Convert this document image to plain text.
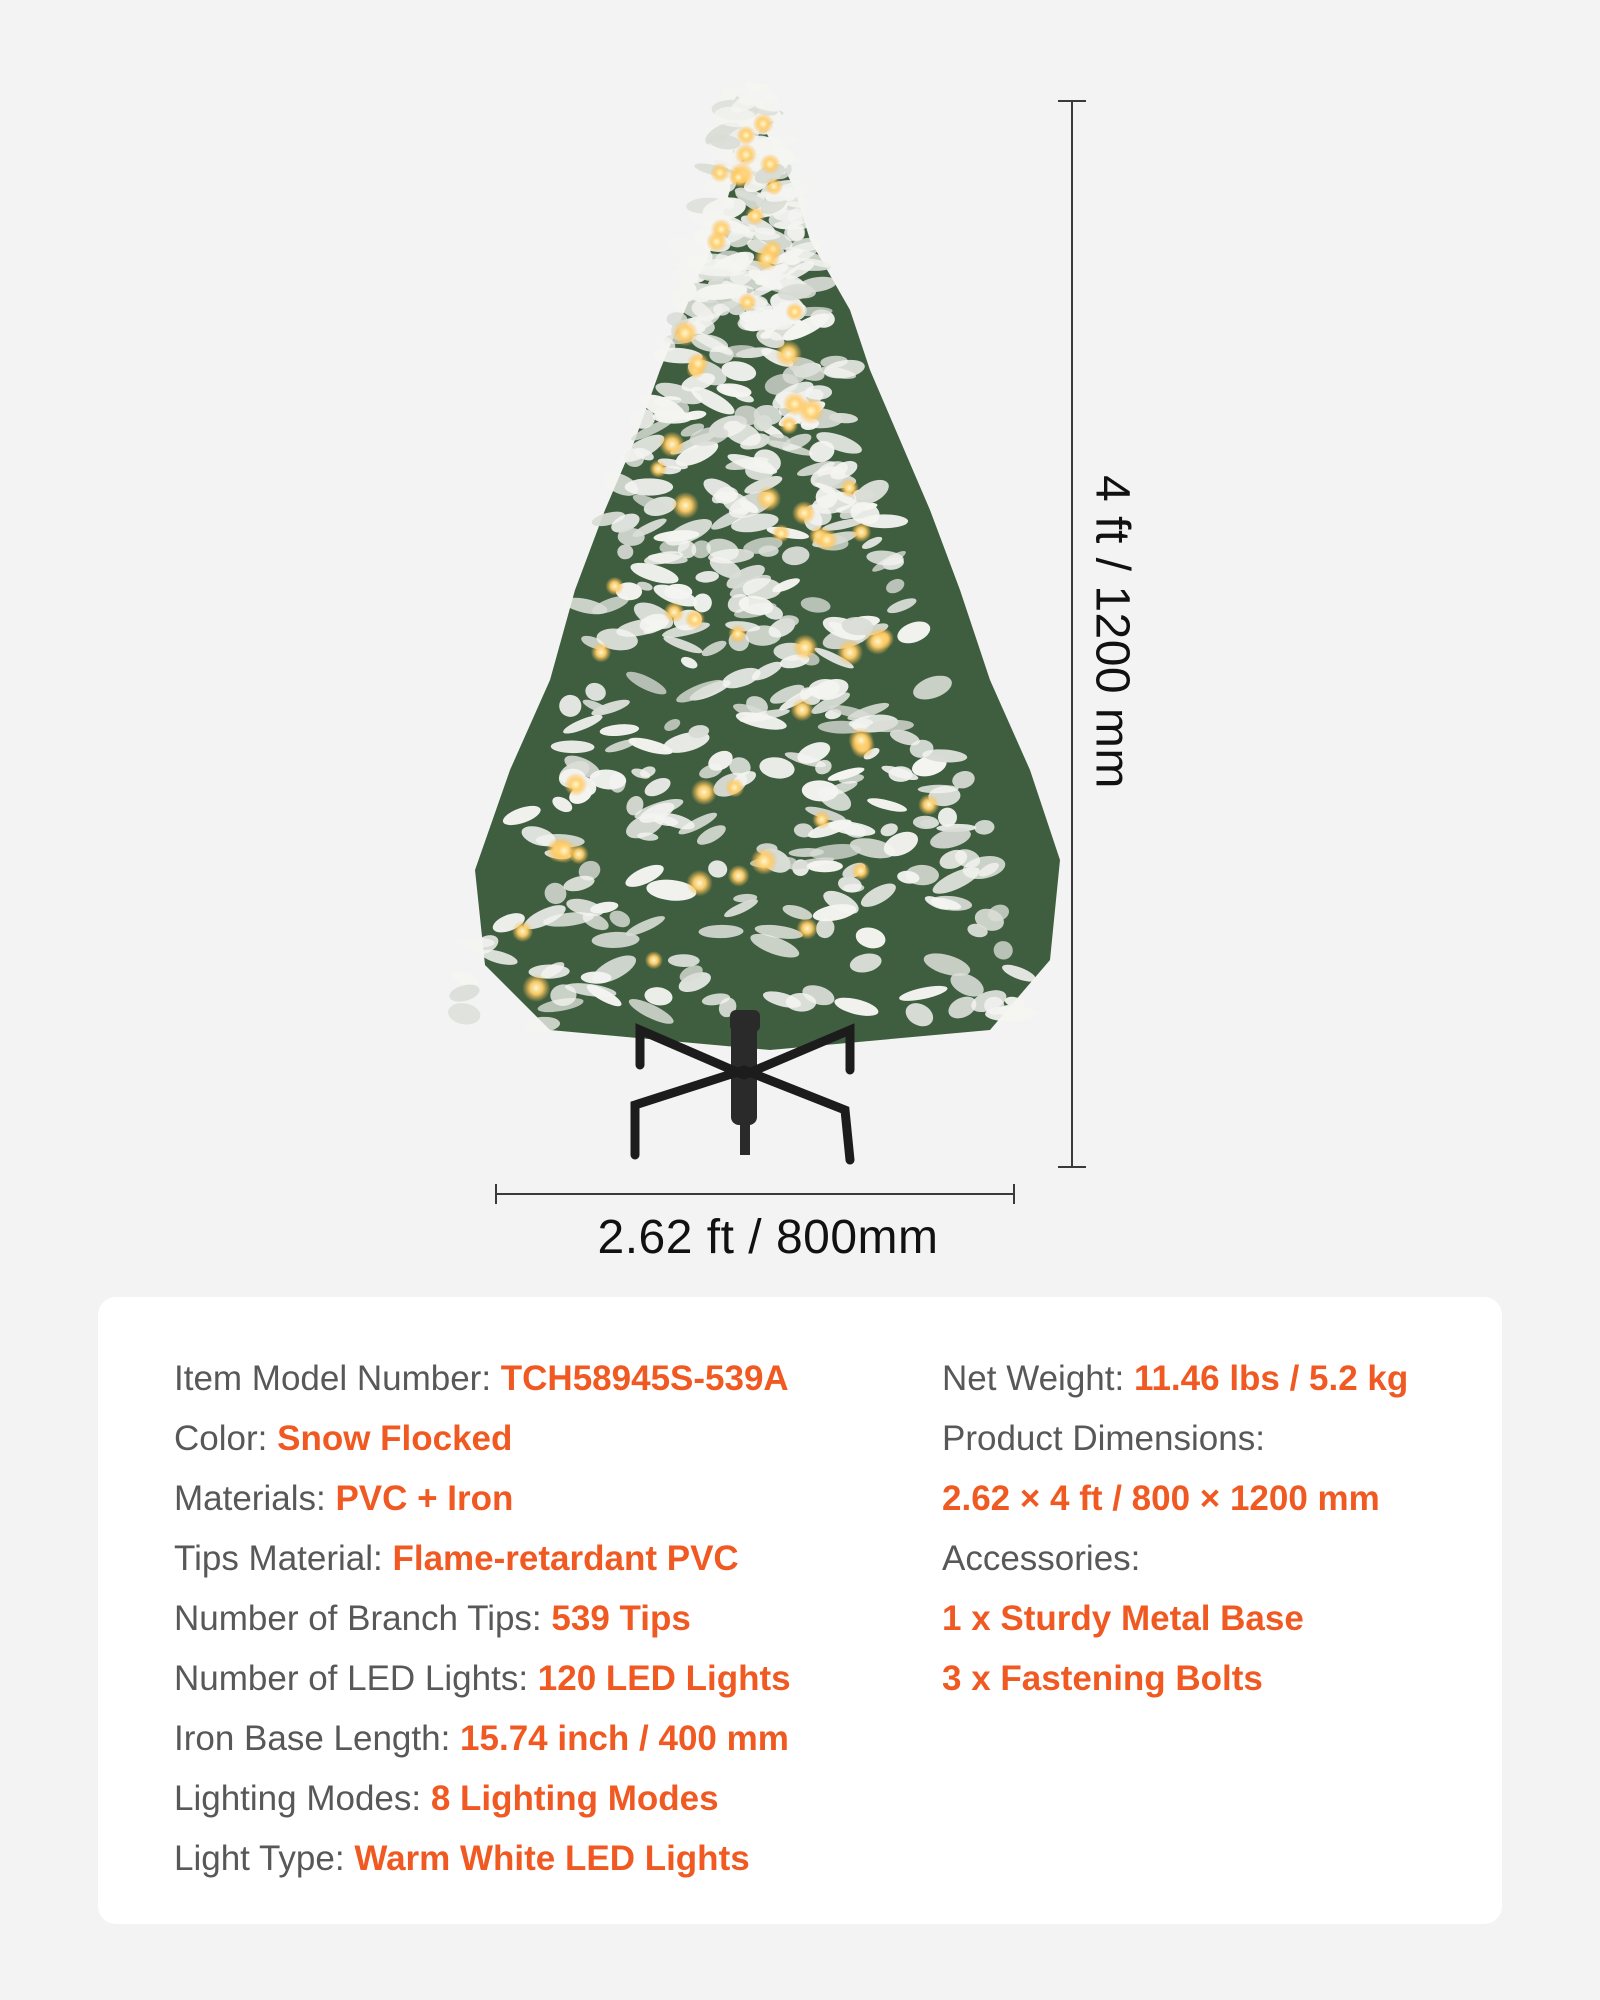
4 ft / 1200 mm
2.62 ft / 800mm
Item Model Number: TCH58945S-539A
Color: Snow Flocked
Materials: PVC + Iron
Tips Material: Flame-retardant PVC
Number of Branch Tips: 539 Tips
Number of LED Lights: 120 LED Lights
Iron Base Length: 15.74 inch / 400 mm
Lighting Modes: 8 Lighting Modes
Light Type: Warm White LED Lights
Net Weight: 11.46 lbs / 5.2 kg
Product Dimensions:
2.62 × 4 ft / 800 × 1200 mm
Accessories:
1 x Sturdy Metal Base
3 x Fastening Bolts
